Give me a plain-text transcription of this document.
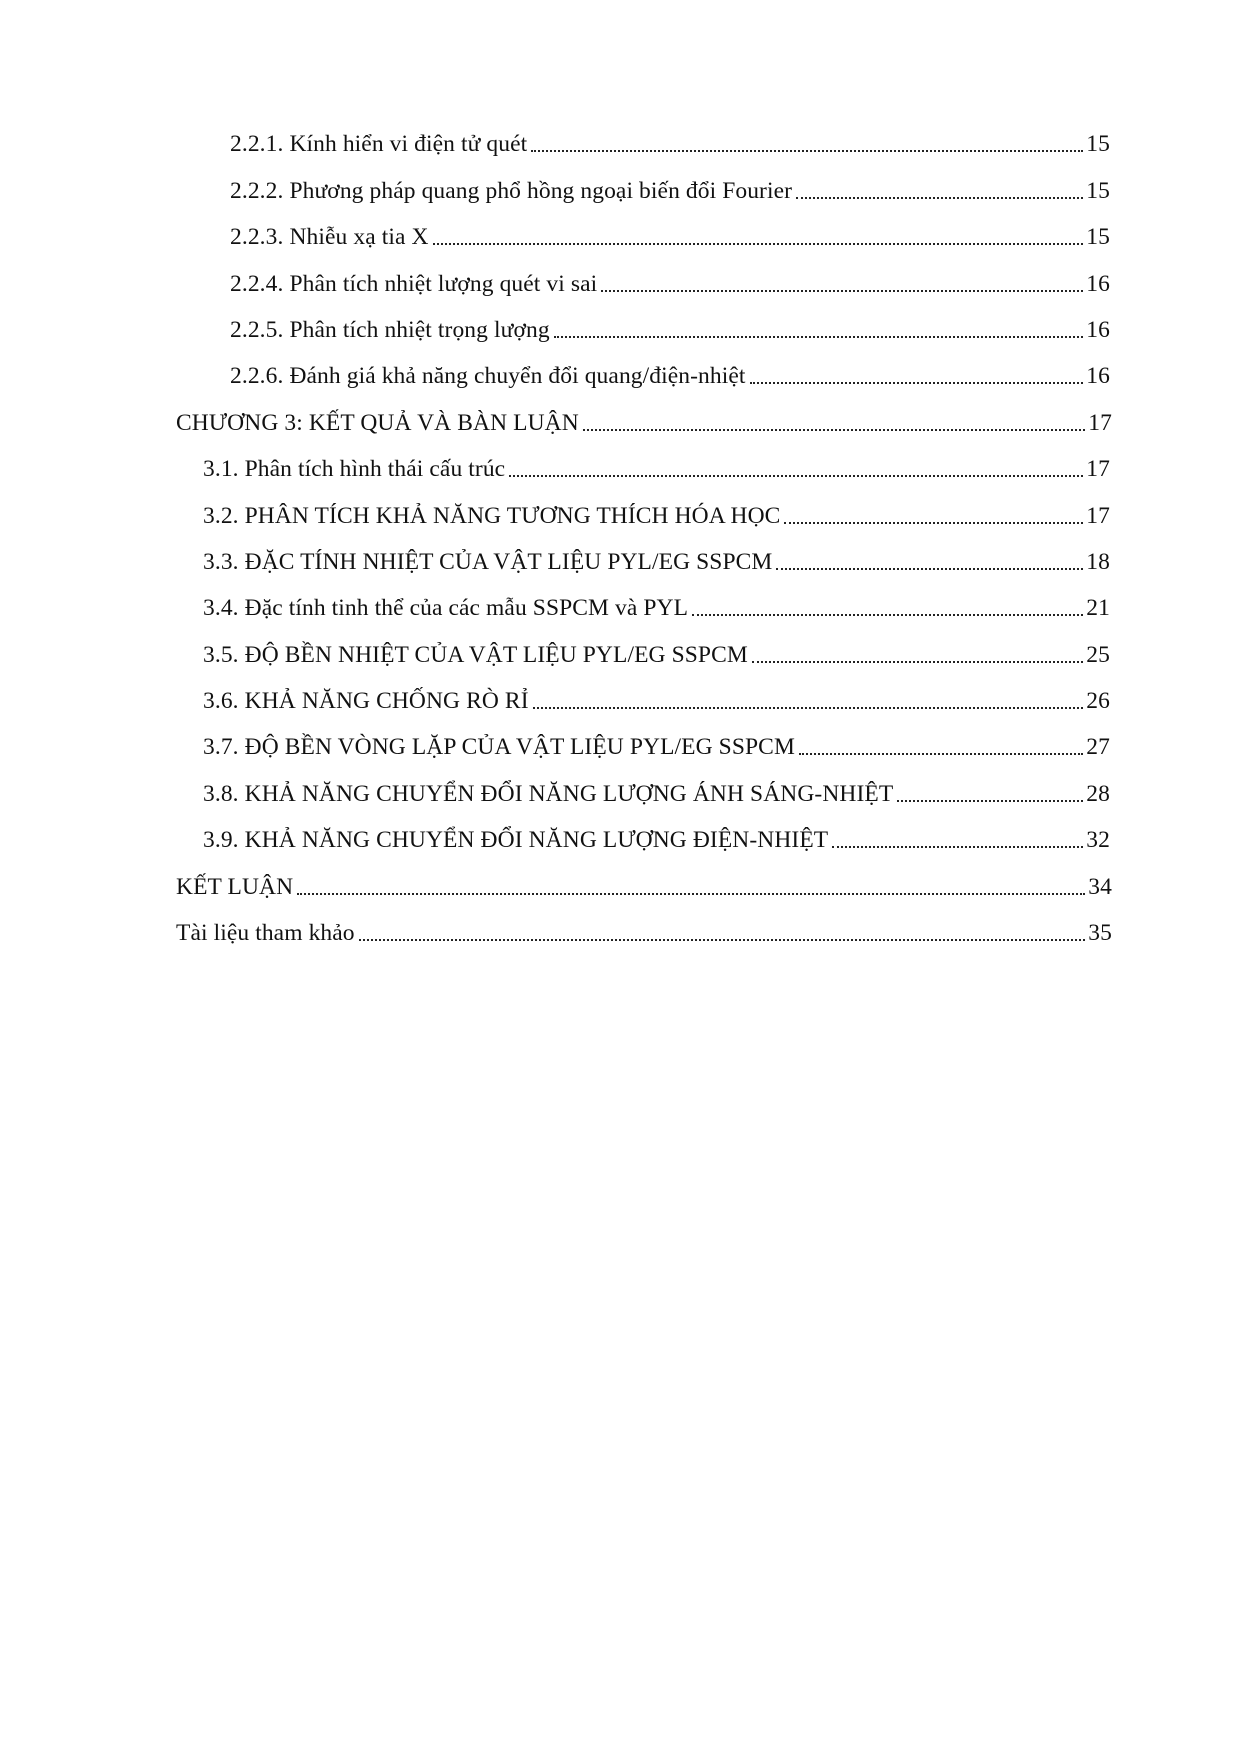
2.2.1. Kính hiển vi điện tử quét	15
2.2.2. Phương pháp quang phổ hồng ngoại biến đổi Fourier	15
2.2.3. Nhiễu xạ tia X	15
2.2.4. Phân tích nhiệt lượng quét vi sai	16
2.2.5. Phân tích nhiệt trọng lượng	16
2.2.6. Đánh giá khả năng chuyển đổi quang/điện-nhiệt	16
CHƯƠNG 3: KẾT QUẢ VÀ BÀN LUẬN	17
3.1. Phân tích hình thái cấu trúc	17
3.2. PHÂN TÍCH KHẢ NĂNG TƯƠNG THÍCH HÓA HỌC	17
3.3. ĐẶC TÍNH NHIỆT CỦA VẬT LIỆU PYL/EG SSPCM	18
3.4. Đặc tính tinh thể của các mẫu SSPCM và PYL	21
3.5. ĐỘ BỀN NHIỆT CỦA VẬT LIỆU PYL/EG SSPCM	25
3.6. KHẢ NĂNG CHỐNG RÒ RỈ	26
3.7. ĐỘ BỀN VÒNG LẶP CỦA VẬT LIỆU PYL/EG SSPCM	27
3.8. KHẢ NĂNG CHUYỂN ĐỔI NĂNG LƯỢNG ÁNH SÁNG-NHIỆT	28
3.9. KHẢ NĂNG CHUYỂN ĐỔI NĂNG LƯỢNG ĐIỆN-NHIỆT	32
KẾT LUẬN	34
Tài liệu tham khảo	35
